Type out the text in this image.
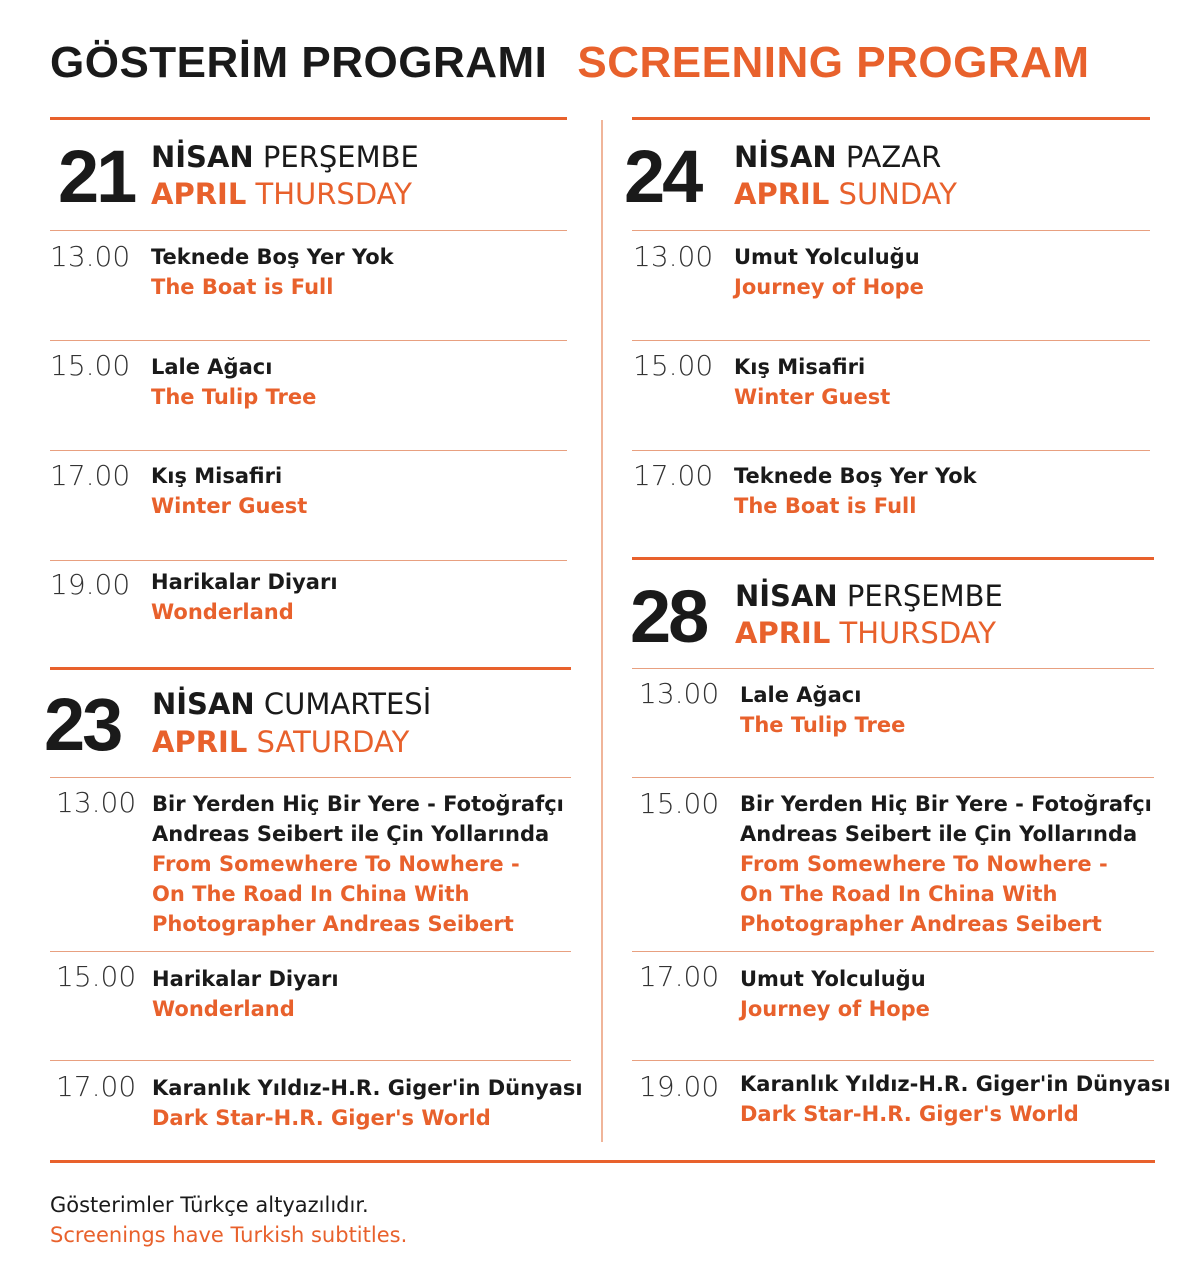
GÖSTERİM PROGRAMI SCREENING PROGRAM
21 NİSAN PERŞEMBE
APRIL THURSDAY
13.00 Teknede Boş Yer Yok
The Boat is Full
15.00 Lale Ağacı
The Tulip Tree
17.00 Kış Misafiri
Winter Guest
19.00 Harikalar Diyarı
Wonderland
23 NİSAN CUMARTESİ
APRIL SATURDAY
13.00 Bir Yerden Hiç Bir Yere - Fotoğrafçı
Andreas Seibert ile Çin Yollarında
From Somewhere To Nowhere -
On The Road In China With
Photographer Andreas Seibert
15.00 Harikalar Diyarı
Wonderland
17.00 Karanlık Yıldız-H.R. Giger'in Dünyası
Dark Star-H.R. Giger's World
24 NİSAN PAZAR
APRIL SUNDAY
13.00 Umut Yolculuğu
Journey of Hope
15.00 Kış Misafiri
Winter Guest
17.00 Teknede Boş Yer Yok
The Boat is Full
28 NİSAN PERŞEMBE
APRIL THURSDAY
13.00 Lale Ağacı
The Tulip Tree
15.00 Bir Yerden Hiç Bir Yere - Fotoğrafçı
Andreas Seibert ile Çin Yollarında
From Somewhere To Nowhere -
On The Road In China With
Photographer Andreas Seibert
17.00 Umut Yolculuğu
Journey of Hope
19.00 Karanlık Yıldız-H.R. Giger'in Dünyası
Dark Star-H.R. Giger's World
Gösterimler Türkçe altyazılıdır.
Screenings have Turkish subtitles.
